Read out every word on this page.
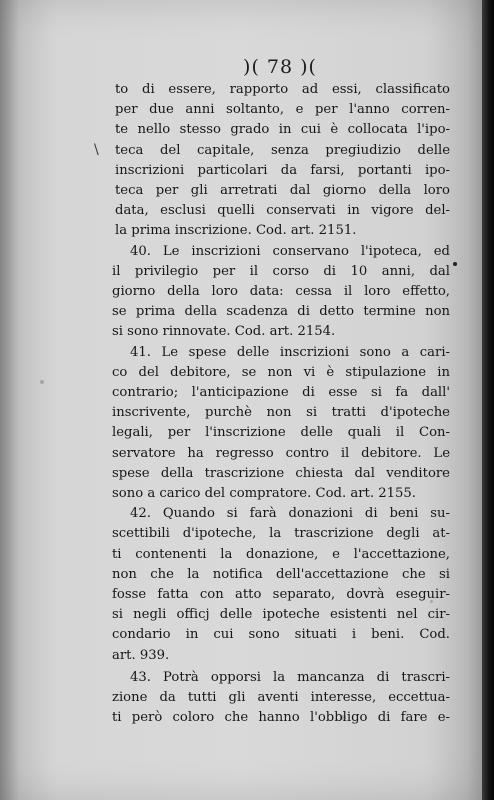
)( 78 )(
\
to di essere, rapporto ad essi, classificato
per due anni soltanto, e per l'anno corren-
te nello stesso grado in cui è collocata l'ipo-
teca del capitale, senza pregiudizio delle
inscrizioni particolari da farsi, portanti ipo-
teca per gli arretrati dal giorno della loro
data, esclusi quelli conservati in vigore del-
la prima inscrizione. Cod. art. 2151.
40. Le inscrizioni conservano l'ipoteca, ed
il privilegio per il corso di 10 anni, dal
giorno della loro data: cessa il loro effetto,
se prima della scadenza di detto termine non
si sono rinnovate. Cod. art. 2154.
41. Le spese delle inscrizioni sono a cari-
co del debitore, se non vi è stipulazione in
contrario; l'anticipazione di esse si fa dall'
inscrivente, purchè non si tratti d'ipoteche
legali, per l'inscrizione delle quali il Con-
servatore ha regresso contro il debitore. Le
spese della trascrizione chiesta dal venditore
sono a carico del compratore. Cod. art. 2155.
42. Quando si farà donazioni di beni su-
scettibili d'ipoteche, la trascrizione degli at-
ti contenenti la donazione, e l'accettazione,
non che la notifica dell'accettazione che si
fosse fatta con atto separato, dovrà eseguir-
si negli officj delle ipoteche esistenti nel cir-
condario in cui sono situati i beni. Cod.
art. 939.
43. Potrà opporsi la mancanza di trascri-
zione da tutti gli aventi interesse, eccettua-
ti però coloro che hanno l'obbligo di fare e-
